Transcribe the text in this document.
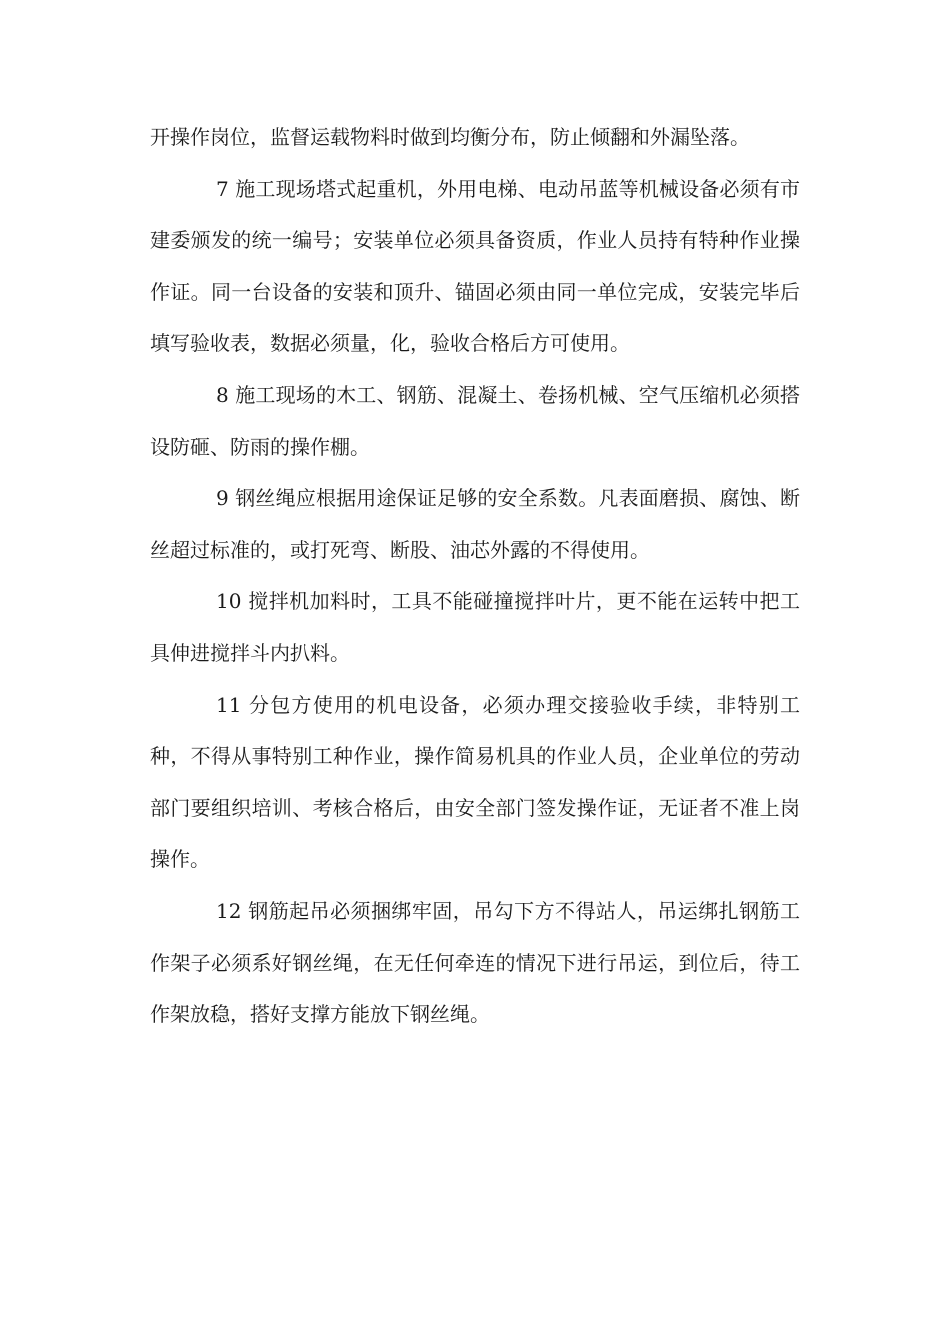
开操作岗位，监督运载物料时做到均衡分布，防止倾翻和外漏坠落。

7 施工现场塔式起重机，外用电梯、电动吊蓝等机械设备必须有市建委颁发的统一编号；安装单位必须具备资质，作业人员持有特种作业操作证。同一台设备的安装和顶升、锚固必须由同一单位完成，安装完毕后填写验收表，数据必须量，化，验收合格后方可使用。

8 施工现场的木工、钢筋、混凝土、卷扬机械、空气压缩机必须搭设防砸、防雨的操作棚。

9 钢丝绳应根据用途保证足够的安全系数。凡表面磨损、腐蚀、断丝超过标准的，或打死弯、断股、油芯外露的不得使用。

10 搅拌机加料时，工具不能碰撞搅拌叶片，更不能在运转中把工具伸进搅拌斗内扒料。

11 分包方使用的机电设备，必须办理交接验收手续，非特别工种，不得从事特别工种作业，操作简易机具的作业人员，企业单位的劳动部门要组织培训、考核合格后，由安全部门签发操作证，无证者不准上岗操作。

12 钢筋起吊必须捆绑牢固，吊勾下方不得站人，吊运绑扎钢筋工作架子必须系好钢丝绳，在无任何牵连的情况下进行吊运，到位后，待工作架放稳，搭好支撑方能放下钢丝绳。
